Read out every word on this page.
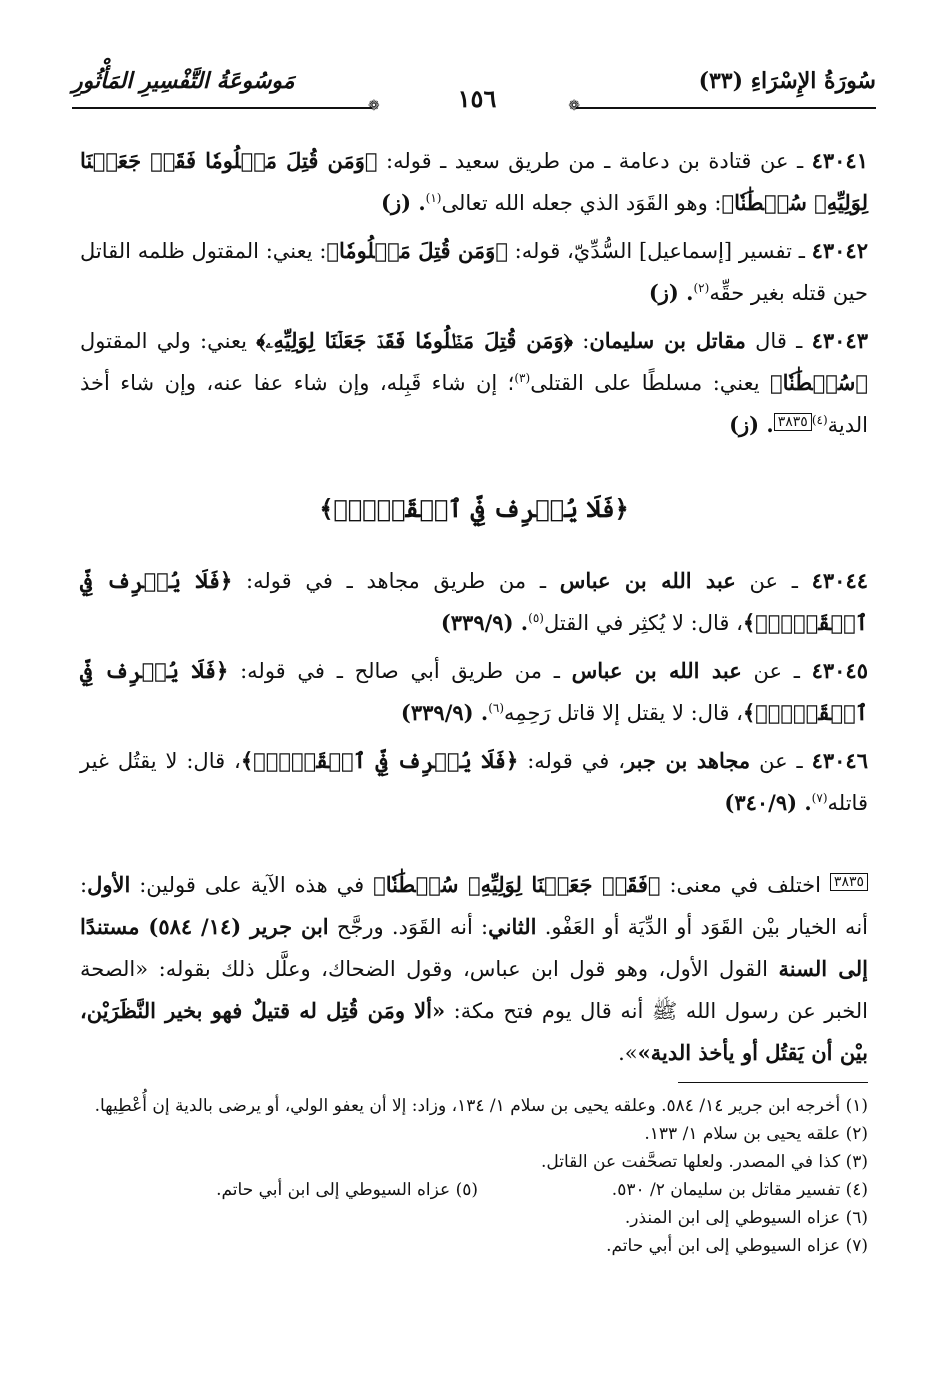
سُورَةُ الإِسْرَاءِ (٣٣)
مَوسُوعَةُ التَّفْسِيرِ المَأْثُورِ
❁
❁	١٥٦

٤٣٠٤١ ـ عن قتادة بن دعامة ـ من طريق سعيد ـ قوله: ﴿وَمَن قُتِلَ مَظۡلُومٗا فَقَدۡ جَعَلۡنَا لِوَلِيِّهِۦ سُلۡطَٰنٗا﴾: وهو القَوَد الذي جعله الله تعالى$^{(١)}$. (ز)

٤٣٠٤٢ ـ تفسير [إسماعيل] السُّدِّيّ، قوله: ﴿وَمَن قُتِلَ مَظۡلُومٗا﴾: يعني: المقتول ظلمه القاتل حين قتله بغير حقِّه$^{(٢)}$. (ز)

٤٣٠٤٣ ـ قال مقاتل بن سليمان: ﴿وَمَن قُتِلَ مَظۡلُومٗا فَقَدۡ جَعَلۡنَا لِوَلِيِّهِۦ﴾ يعني: ولي المقتول ﴿سُلۡطَٰنٗا﴾ يعني: مسلطًا على القتلى$^{(٣)}$؛ إن شاء قَبِله، وإن شاء عفا عنه، وإن شاء أخذ الدية$^{(٤)}$٣٨٣٥. (ز)

﴿فَلَا يُسۡرِف فِّي ٱلۡقَتۡلِۖ﴾

٤٣٠٤٤ ـ عن عبد الله بن عباس ـ من طريق مجاهد ـ في قوله: ﴿فَلَا يُسۡرِف فِّي ٱلۡقَتۡلِۖ﴾، قال: لا يُكثِر في القتل$^{(٥)}$. (٣٣٩/٩)

٤٣٠٤٥ ـ عن عبد الله بن عباس ـ من طريق أبي صالح ـ في قوله: ﴿فَلَا يُسۡرِف فِّي ٱلۡقَتۡلِۖ﴾، قال: لا يقتل إلا قاتل رَحِمِه$^{(٦)}$. (٣٣٩/٩)

٤٣٠٤٦ ـ عن مجاهد بن جبر، في قوله: ﴿فَلَا يُسۡرِف فِّي ٱلۡقَتۡلِۖ﴾، قال: لا يقتُل غير قاتله$^{(٧)}$. (٣٤٠/٩)

٣٨٣٥ اختلف في معنى: ﴿فَقَدۡ جَعَلۡنَا لِوَلِيِّهِۦ سُلۡطَٰنٗا﴾ في هذه الآية على قولين: الأول: أنه الخيار بيْن القَوَد أو الدِّيَة أو العَفْو. الثاني: أنه القَوَد. ورجَّح ابن جرير (١٤/ ٥٨٤) مستندًا إلى السنة القول الأول، وهو قول ابن عباس، وقول الضحاك، وعلَّل ذلك بقوله: «الصحة الخبر عن رسول الله ﷺ أنه قال يوم فتح مكة: «ألا ومَن قُتِل له قتيلٌ فهو بخير النَّظَرَيْن، بيْن أن يَقتُل أو يأخذ الدية»».

(١) أخرجه ابن جرير ١٤/ ٥٨٤. وعلقه يحيى بن سلام ١/ ١٣٤، وزاد: إلا أن يعفو الولي، أو يرضى بالدية إن أُعْطِيها.

(٢) علقه يحيى بن سلام ١/ ١٣٣.

(٣) كذا في المصدر. ولعلها تصحَّفت عن القاتل.

(٤) تفسير مقاتل بن سليمان ٢/ ٥٣٠.

(٥) عزاه السيوطي إلى ابن أبي حاتم.

(٦) عزاه السيوطي إلى ابن المنذر.

(٧) عزاه السيوطي إلى ابن أبي حاتم.
